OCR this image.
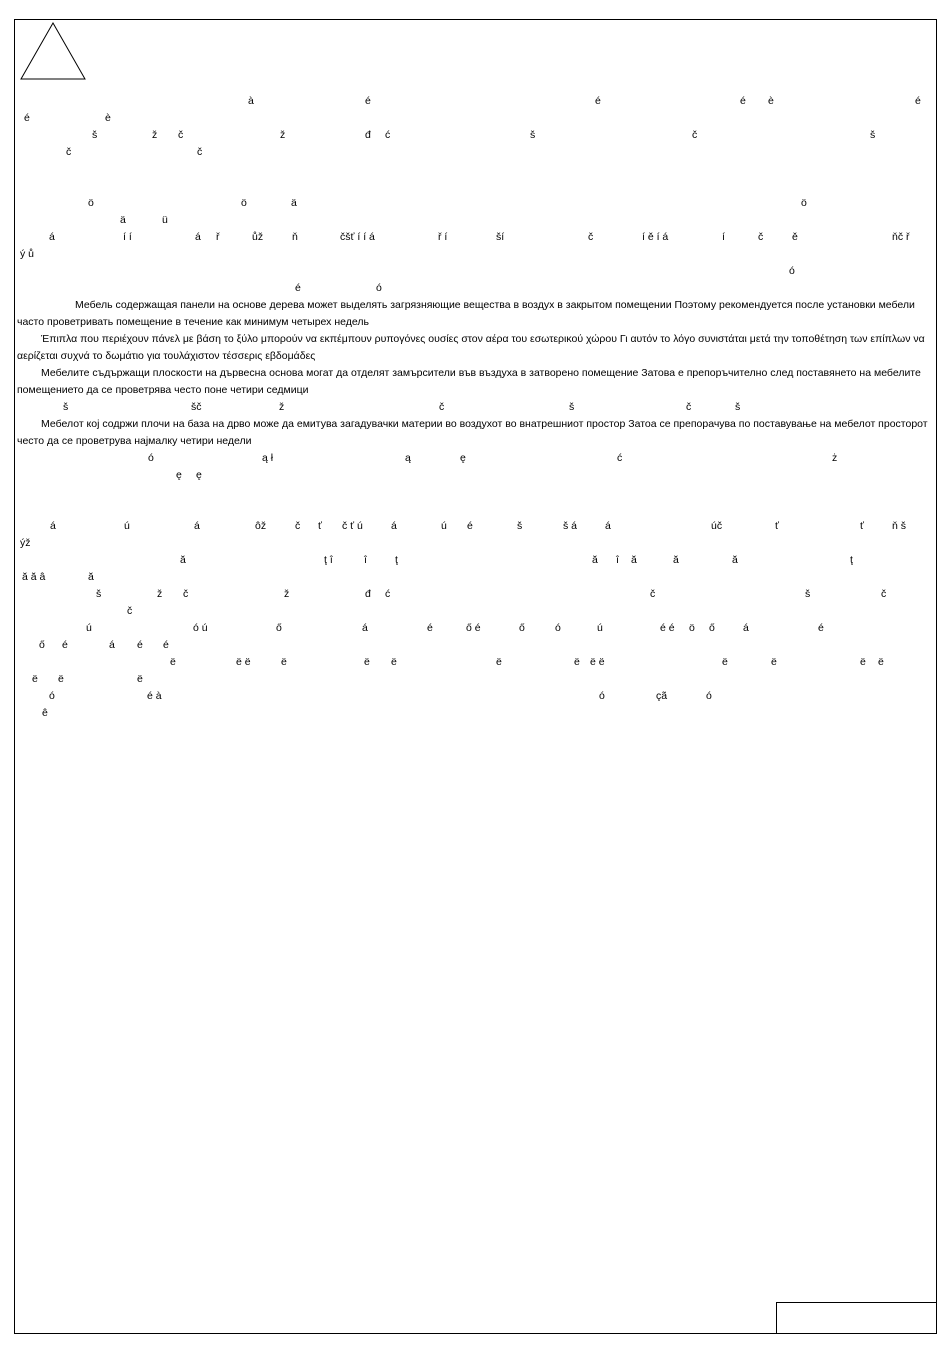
à	é	é	é è	é
é	è
š	ž č	ž	đ ć	š	č	š
č	č
ö	ö	ä	ö
ä	ü
á	í í	á ř	ůž	ň	čšť í í á	ř í	ší	č	í ě í á	í	č	ě	ňč ř
ý ů
ó
é	ó
Мебель содержащая панели на основе дерева может выделять загрязняющие вещества в воздух в закрытом помещении Поэтому рекомендуется после установки мебели часто проветривать помещение в течение как минимум четырех недель
Έπιπλα που περιέχουν πάνελ με βάση το ξύλο μπορούν να εκπέμπουν ρυπογόνες ουσίες στον αέρα του εσωτερικού χώρου Γι αυτόν το λόγο συνιστάται μετά την τοποθέτηση των επίπλων να αερίζεται συχνά το δωμάτιο για τουλάχιστον τέσσερις εβδομάδες
Мебелите съдържащи плоскости на дървесна основа могат да отделят замърсители във въздуха в затворено помещение Затова е препоръчително след поставянето на мебелите помещението да се проветрява често поне четири седмици
š	šč	ž	č	š	č	š
Мебелот кој содржи плочи на база на дрво може да емитува загадувачки материи во воздухот во внатрешниот простор Затоа се препорачува по поставување на мебелот просторот често да се проветрува најмалку четири недели
ó	ą ł	ą	ę	ć	ż
ę ę
á	ú	á	ôž	č ť č ť ú	á	ú é	š	š á	á	úč	ť	ť	ň š
ýž
ă	ţ î	î	ţ	ă î ă	ă	ă	ţ
ă ă â	ă
š	ž č	ž	đ ć	č	š	č
č
ú	ó ú	ő	á	é	ő é	ő	ó	ú	é é ö ő	á	é
ő é	á é é
ë	ë ë	ë	ë ë	ë	ë ë ë	ë	ë	ë ë
ë ë	ë
ó	é à	ó	çã	ó
ê
